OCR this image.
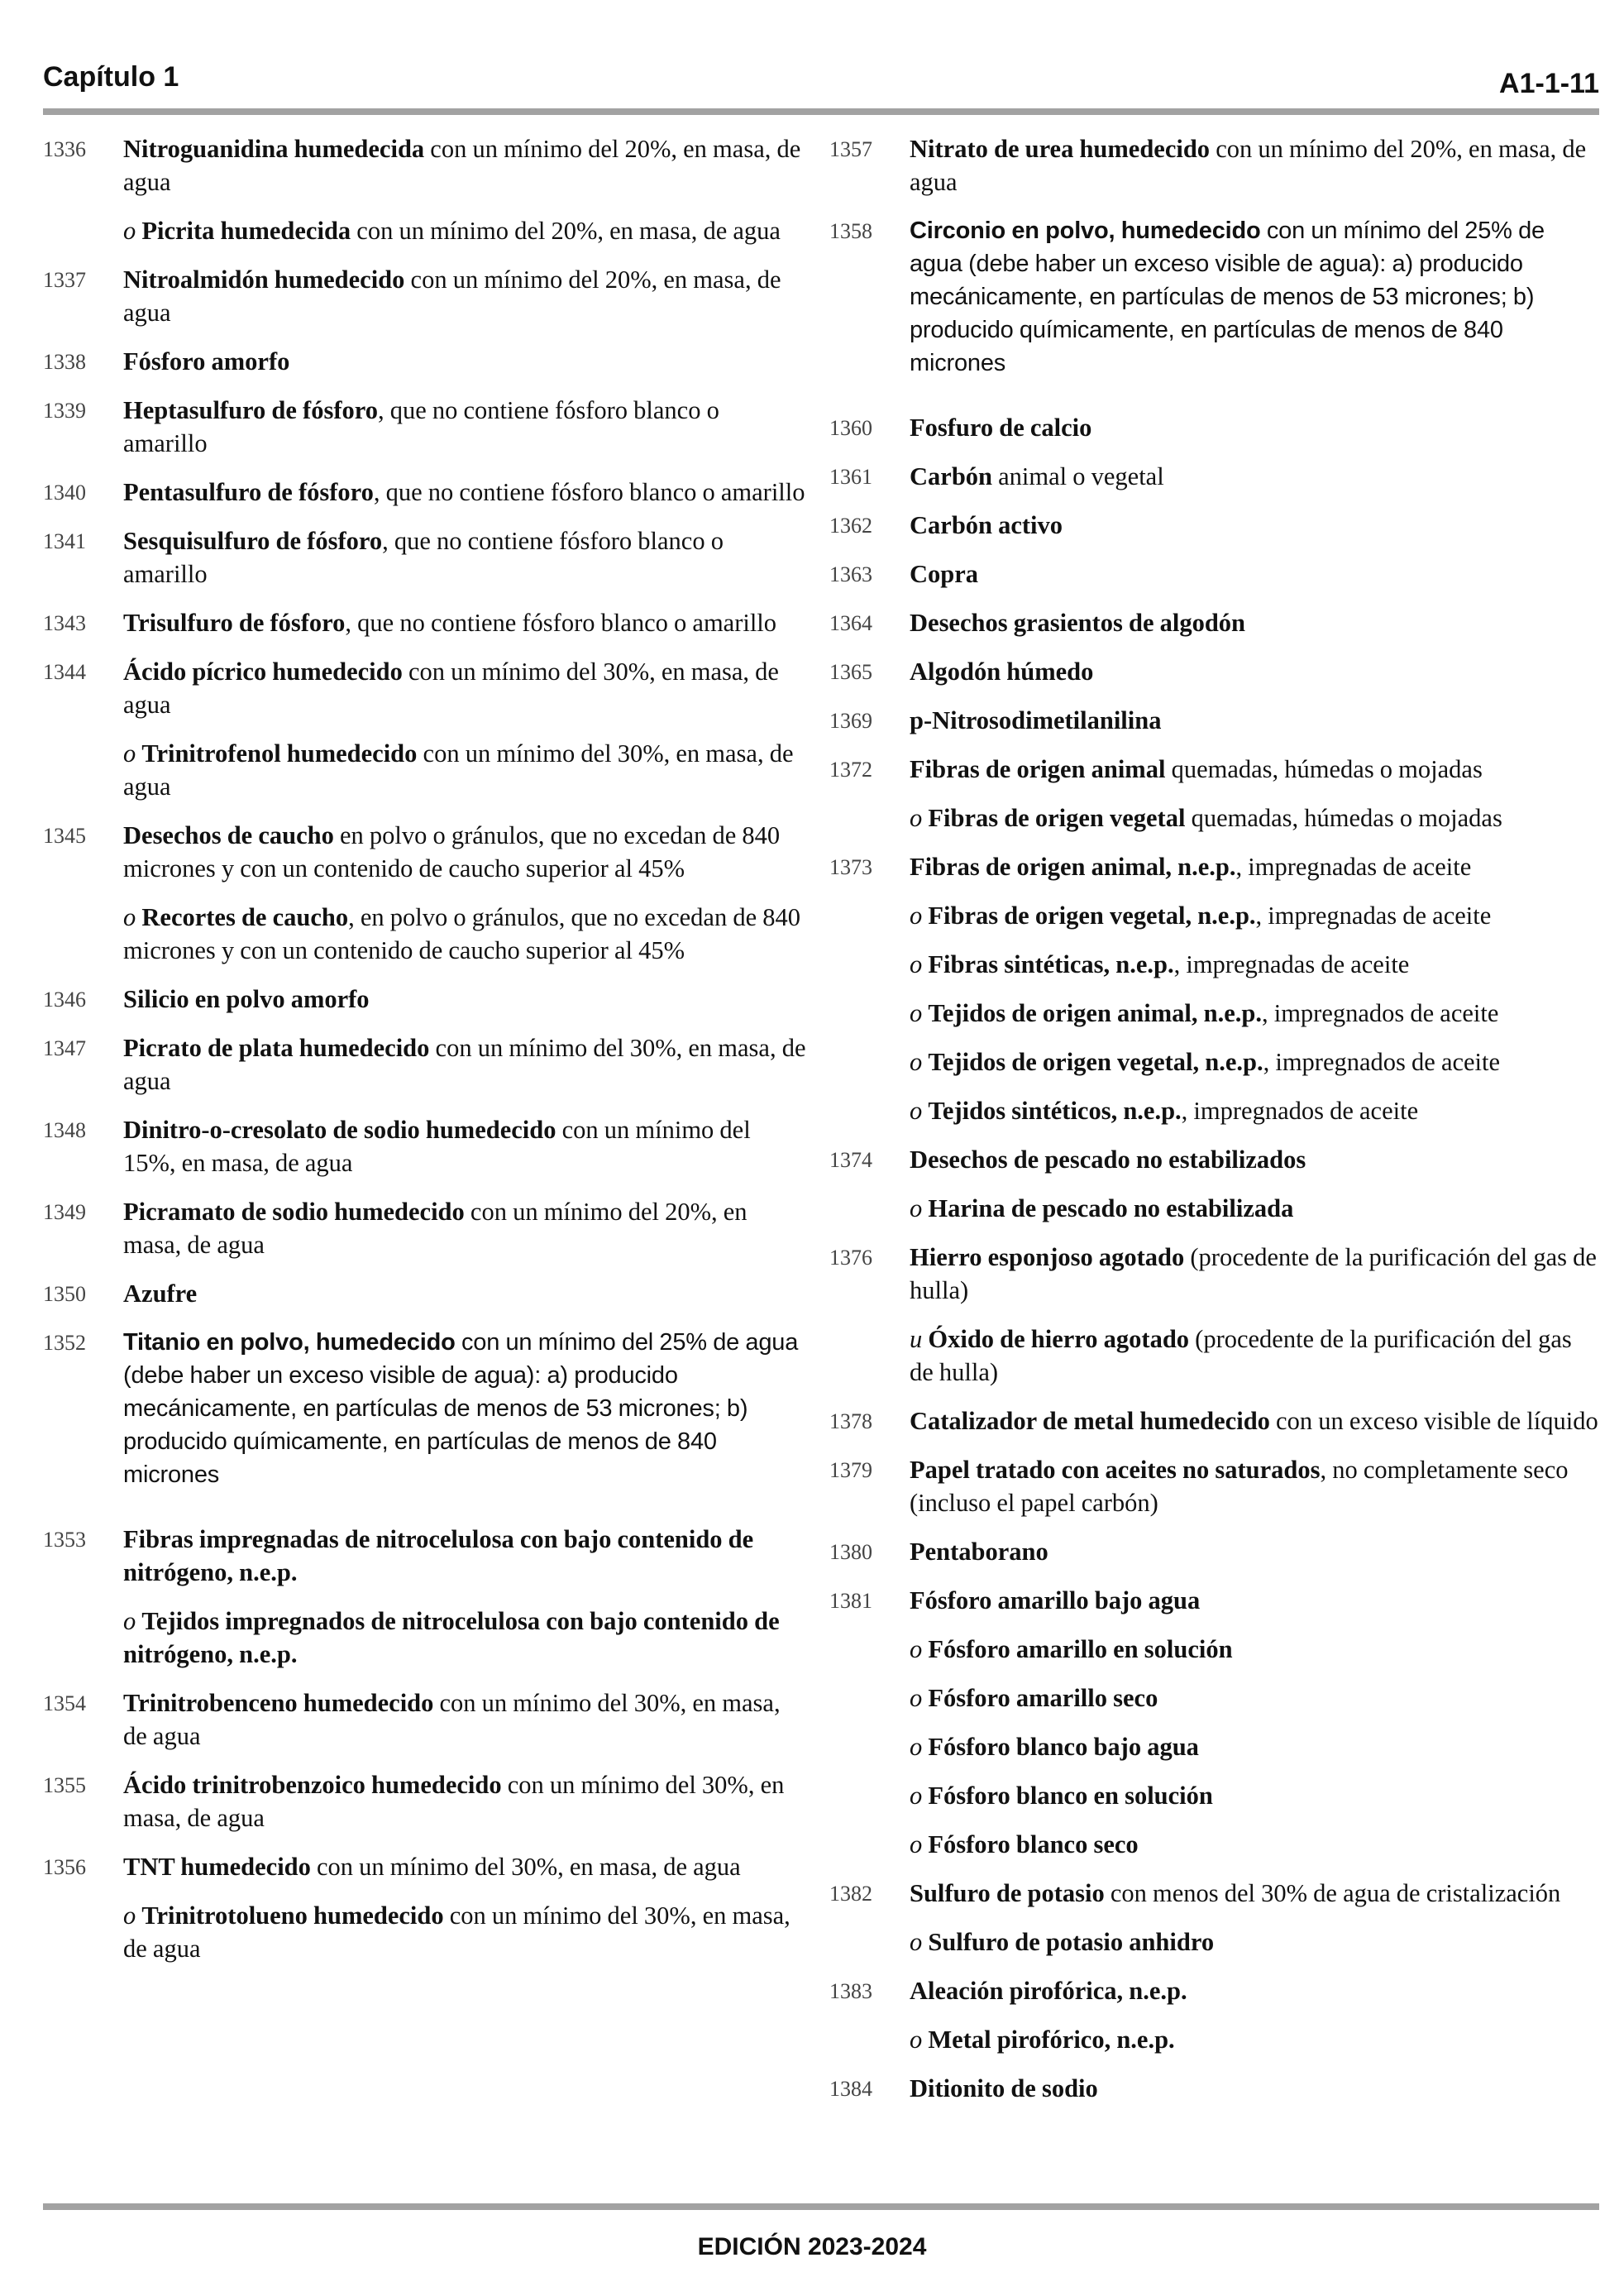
Capítulo 1	A1-1-11
1336 Nitroguanidina humedecida con un mínimo del 20%, en masa, de agua
o Picrita humedecida con un mínimo del 20%, en masa, de agua
1337 Nitroalmidón humedecido con un mínimo del 20%, en masa, de agua
1338 Fósforo amorfo
1339 Heptasulfuro de fósforo, que no contiene fósforo blanco o amarillo
1340 Pentasulfuro de fósforo, que no contiene fósforo blanco o amarillo
1341 Sesquisulfuro de fósforo, que no contiene fósforo blanco o amarillo
1343 Trisulfuro de fósforo, que no contiene fósforo blanco o amarillo
1344 Ácido pícrico humedecido con un mínimo del 30%, en masa, de agua
o Trinitrofenol humedecido con un mínimo del 30%, en masa, de agua
1345 Desechos de caucho en polvo o gránulos, que no excedan de 840 micrones y con un contenido de caucho superior al 45%
o Recortes de caucho, en polvo o gránulos, que no excedan de 840 micrones y con un contenido de caucho superior al 45%
1346 Silicio en polvo amorfo
1347 Picrato de plata humedecido con un mínimo del 30%, en masa, de agua
1348 Dinitro-o-cresolato de sodio humedecido con un mínimo del 15%, en masa, de agua
1349 Picramato de sodio humedecido con un mínimo del 20%, en masa, de agua
1350 Azufre
1352 Titanio en polvo, humedecido con un mínimo del 25% de agua (debe haber un exceso visible de agua): a) producido mecánicamente, en partículas de menos de 53 micrones; b) producido químicamente, en partículas de menos de 840 micrones
1353 Fibras impregnadas de nitrocelulosa con bajo contenido de nitrógeno, n.e.p.
o Tejidos impregnados de nitrocelulosa con bajo contenido de nitrógeno, n.e.p.
1354 Trinitrobenceno humedecido con un mínimo del 30%, en masa, de agua
1355 Ácido trinitrobenzoico humedecido con un mínimo del 30%, en masa, de agua
1356 TNT humedecido con un mínimo del 30%, en masa, de agua
o Trinitrotolueno humedecido con un mínimo del 30%, en masa, de agua
1357 Nitrato de urea humedecido con un mínimo del 20%, en masa, de agua
1358 Circonio en polvo, humedecido con un mínimo del 25% de agua (debe haber un exceso visible de agua): a) producido mecánicamente, en partículas de menos de 53 micrones; b) producido químicamente, en partículas de menos de 840 micrones
1360 Fosfuro de calcio
1361 Carbón animal o vegetal
1362 Carbón activo
1363 Copra
1364 Desechos grasientos de algodón
1365 Algodón húmedo
1369 p-Nitrosodimetilanilina
1372 Fibras de origen animal quemadas, húmedas o mojadas
o Fibras de origen vegetal quemadas, húmedas o mojadas
1373 Fibras de origen animal, n.e.p., impregnadas de aceite
o Fibras de origen vegetal, n.e.p., impregnadas de aceite
o Fibras sintéticas, n.e.p., impregnadas de aceite
o Tejidos de origen animal, n.e.p., impregnados de aceite
o Tejidos de origen vegetal, n.e.p., impregnados de aceite
o Tejidos sintéticos, n.e.p., impregnados de aceite
1374 Desechos de pescado no estabilizados
o Harina de pescado no estabilizada
1376 Hierro esponjoso agotado (procedente de la purificación del gas de hulla)
u Óxido de hierro agotado (procedente de la purificación del gas de hulla)
1378 Catalizador de metal humedecido con un exceso visible de líquido
1379 Papel tratado con aceites no saturados, no completamente seco (incluso el papel carbón)
1380 Pentaborano
1381 Fósforo amarillo bajo agua
o Fósforo amarillo en solución
o Fósforo amarillo seco
o Fósforo blanco bajo agua
o Fósforo blanco en solución
o Fósforo blanco seco
1382 Sulfuro de potasio con menos del 30% de agua de cristalización
o Sulfuro de potasio anhidro
1383 Aleación pirofórica, n.e.p.
o Metal pirofórico, n.e.p.
1384 Ditionito de sodio
EDICIÓN 2023-2024
